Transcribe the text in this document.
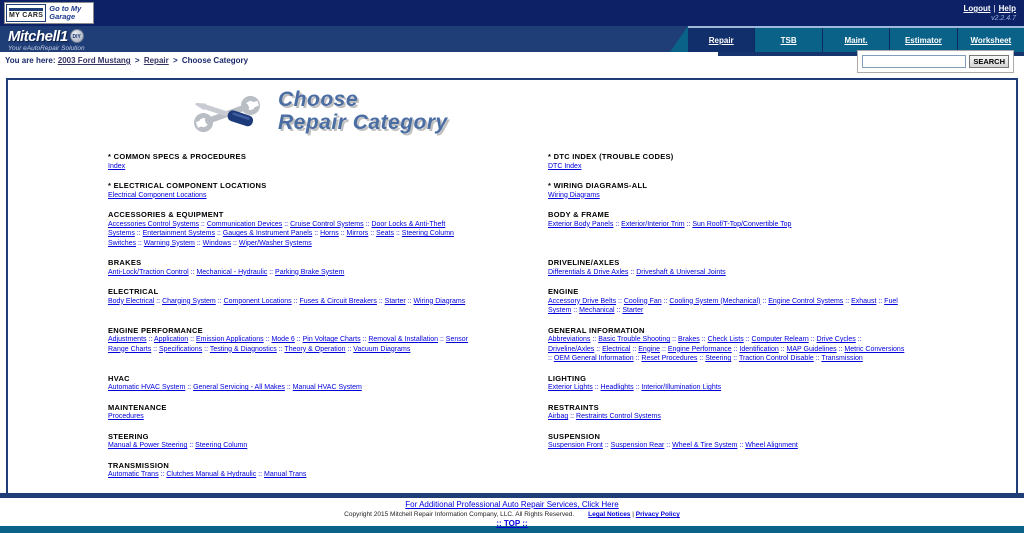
MY CARS
Go to My Garage
Logout | Help
v2.2.4.7
Mitchell1 DIY
Your eAutoRepair Solution
Repair	TSB	Maint.	Estimator	Worksheet
You are here: 2003 Ford Mustang > Repair > Choose Category	SEARCH
Choose
Repair Category
* COMMON SPECS & PROCEDURES
Index
* DTC INDEX (TROUBLE CODES)
DTC Index
* ELECTRICAL COMPONENT LOCATIONS
Electrical Component Locations
* WIRING DIAGRAMS-ALL
Wiring Diagrams
ACCESSORIES & EQUIPMENT
Accessories Control Systems :: Communication Devices :: Cruise Control Systems :: Door Locks & Anti-Theft Systems :: Entertainment Systems :: Gauges & Instrument Panels :: Horns :: Mirrors :: Seats :: Steering Column Switches :: Warning System :: Windows :: Wiper/Washer Systems
BODY & FRAME
Exterior Body Panels :: Exterior/Interior Trim :: Sun Roof/T-Top/Convertible Top
BRAKES
Anti-Lock/Traction Control :: Mechanical - Hydraulic :: Parking Brake System
DRIVELINE/AXLES
Differentials & Drive Axles :: Driveshaft & Universal Joints
ELECTRICAL
Body Electrical :: Charging System :: Component Locations :: Fuses & Circuit Breakers :: Starter :: Wiring Diagrams
ENGINE
Accessory Drive Belts :: Cooling Fan :: Cooling System (Mechanical) :: Engine Control Systems :: Exhaust :: Fuel System :: Mechanical :: Starter
ENGINE PERFORMANCE
Adjustments :: Application :: Emission Applications :: Mode 6 :: Pin Voltage Charts :: Removal & Installation :: Sensor Range Charts :: Specifications :: Testing & Diagnostics :: Theory & Operation :: Vacuum Diagrams
GENERAL INFORMATION
Abbreviations :: Basic Trouble Shooting :: Brakes :: Check Lists :: Computer Relearn :: Drive Cycles :: Driveline/Axles :: Electrical :: Engine :: Engine Performance :: Identification :: MAP Guidelines :: Metric Conversions :: OEM General Information :: Reset Procedures :: Steering :: Traction Control Disable :: Transmission
HVAC
Automatic HVAC System :: General Servicing - All Makes :: Manual HVAC System
LIGHTING
Exterior Lights :: Headlights :: Interior/Illumination Lights
MAINTENANCE
Procedures
RESTRAINTS
Airbag :: Restraints Control Systems
STEERING
Manual & Power Steering :: Steering Column
SUSPENSION
Suspension Front :: Suspension Rear :: Wheel & Tire System :: Wheel Alignment
TRANSMISSION
Automatic Trans :: Clutches Manual & Hydraulic :: Manual Trans
For Additional Professional Auto Repair Services, Click Here
Copyright 2015 Mitchell Repair Information Company, LLC. All Rights Reserved. Legal Notices | Privacy Policy
:: TOP ::
